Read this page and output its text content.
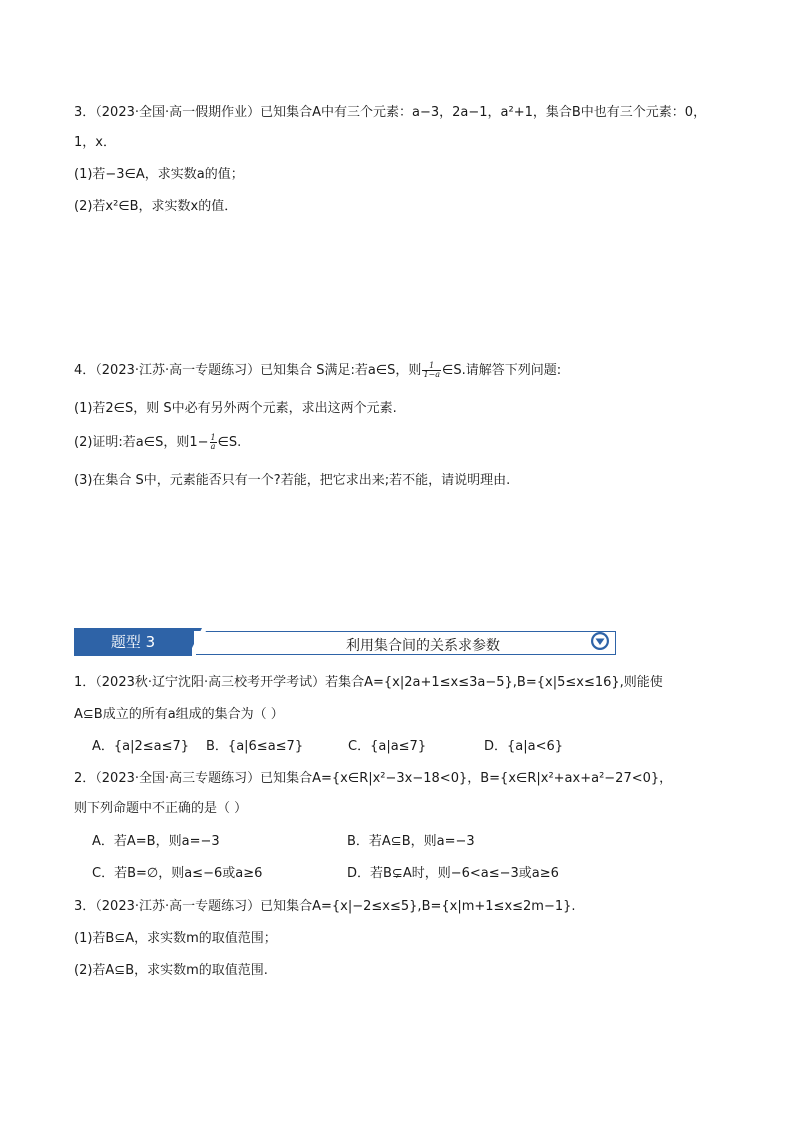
3．（2023·全国·高一假期作业）已知集合A中有三个元素：a−3，2a−1，a²+1，集合B中也有三个元素：0，
1，x．
(1)若−3∈A，求实数a的值；
(2)若x²∈B，求实数x的值．
4．（2023·江苏·高一专题练习）已知集合 S满足:若a∈S，则 $\frac{1}{1-a}$ ∈S.请解答下列问题:
(1)若2∈S，则 S中必有另外两个元素，求出这两个元素.
(2)证明:若a∈S，则$1- \frac{1}{a}$ ∈S.
(3)在集合 S中，元素能否只有一个?若能，把它求出来;若不能，请说明理由.
利用集合间的关系求参数
题型 3
1．（2023秋·辽宁沈阳·高三校考开学考试）若集合A={x|2a+1≤x≤3a−5},B={x|5≤x≤16},则能使
A⊆B成立的所有a组成的集合为（ ）
A．{a|2≤a≤7} B．{a|6≤a≤7}	C．{a|a≤7}	D．{a|a<6}
2．（2023·全国·高三专题练习）已知集合A={x∈R|x²−3x−18<0}，B={x∈R|x²+ax+a²−27<0}，
则下列命题中不正确的是（ ）
A．若A=B，则a=−3	B．若A⊆B，则a=−3
C．若B=∅，则a≤−6或a≥6	D．若B⊊A时，则−6<a≤−3或a≥6
3．（2023·江苏·高一专题练习）已知集合A={x|−2≤x≤5},B={x|m+1≤x≤2m−1}.
(1)若B⊆A，求实数m的取值范围；
(2)若A⊆B，求实数m的取值范围.
